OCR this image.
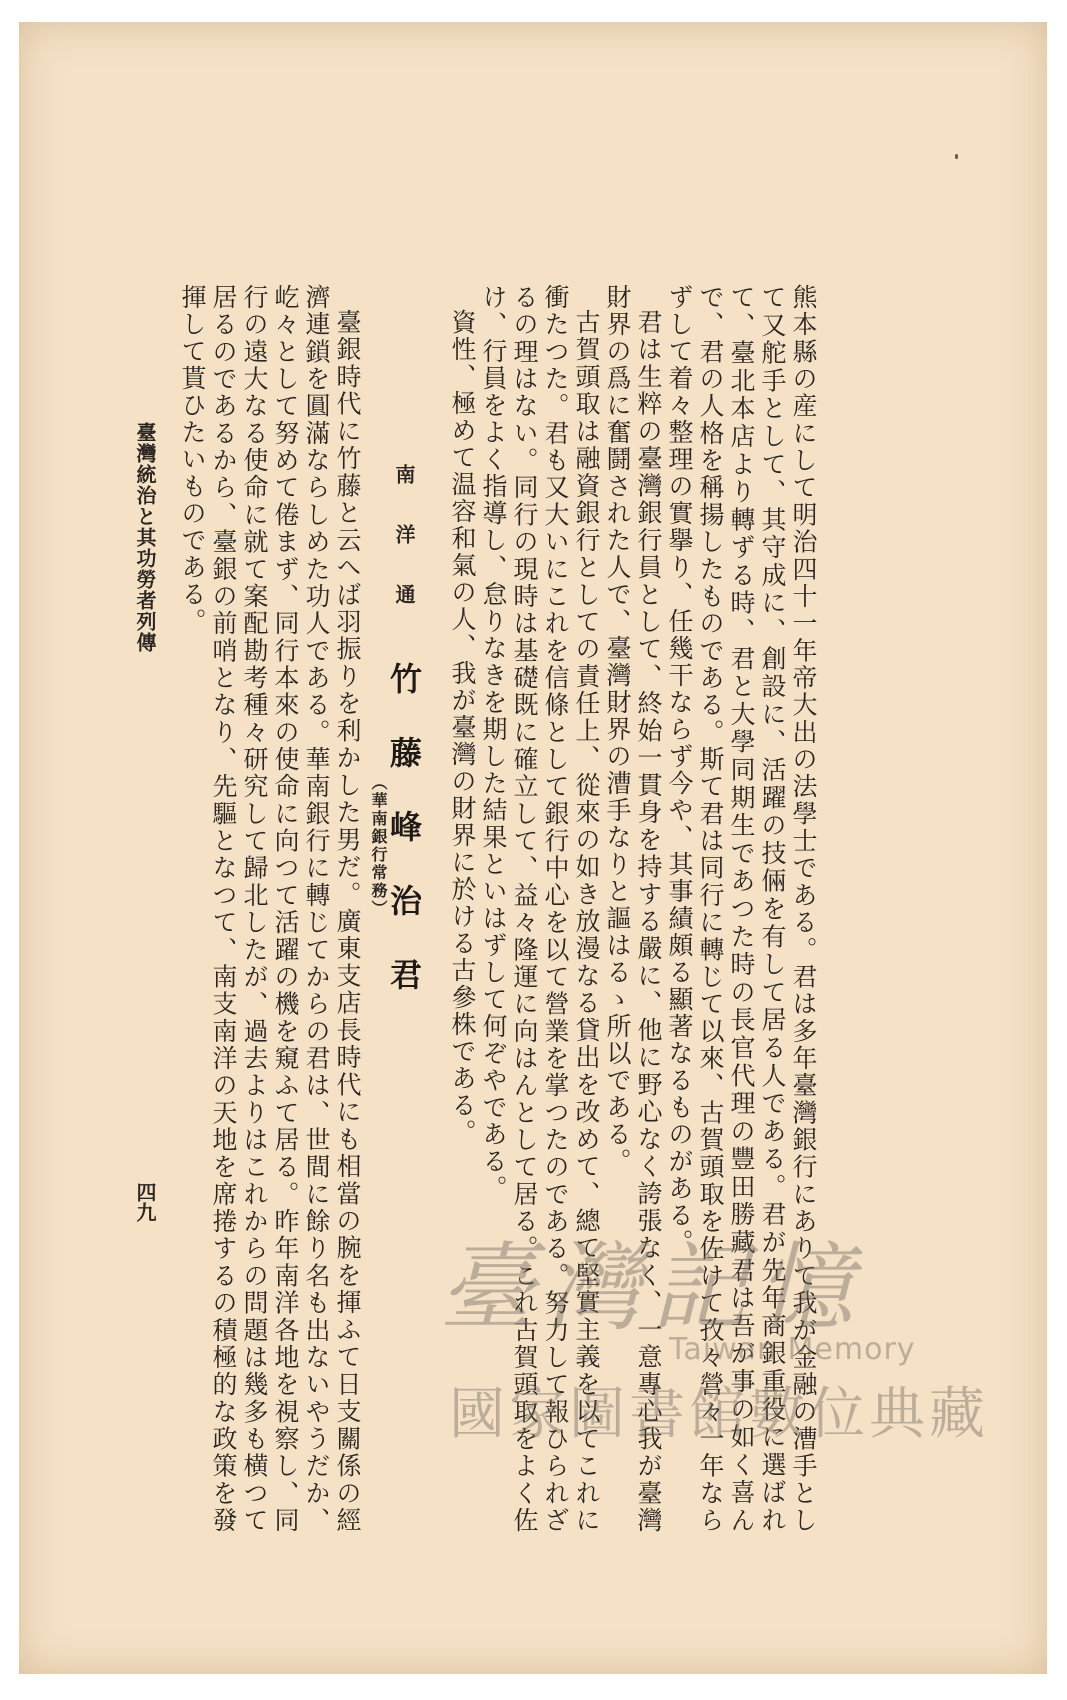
熊本縣の産にして明治四十一年帝大出の法學士である。君は多年臺灣銀行にありて我が金融の漕手として又舵手として、其守成に、創設に、活躍の技倆を有して居る人である。君が先年商銀重役に選ばれて、臺北本店より轉ずる時、君と大學同期生であつた時の長官代理の豐田勝藏君は吾が事の如く喜んで、君の人格を稱揚したものである。斯て君は同行に轉じて以來、古賀頭取を佐けて孜々營々一年ならずして着々整理の實擧り、任幾干ならず今や、其事績頗る顯著なるものがある。

君は生粹の臺灣銀行員として、終始一貫身を持する嚴に、他に野心なく誇張なく、一意專心我が臺灣財界の爲に奮鬪された人で、臺灣財界の漕手なりと謳はるゝ所以である。

古賀頭取は融資銀行としての責任上、從來の如き放漫なる貸出を改めて、總て堅實主義を以てこれに衝たつた。君も又大いにこれを信條として銀行中心を以て營業を掌つたのである。努力して報ひられざるの理はない。同行の現時は基礎既に確立して、益々隆運に向はんとして居る。これ古賀頭取をよく佐け、行員をよく指導し、怠りなきを期した結果といはずして何ぞやである。

資性、極めて温容和氣の人、我が臺灣の財界に於ける古參株である。

南洋通
竹藤峰治君
（華南銀行常務）

臺銀時代に竹藤と云へば羽振りを利かした男だ。廣東支店長時代にも相當の腕を揮ふて日支關係の經濟連鎖を圓滿ならしめた功人である。華南銀行に轉じてからの君は、世間に餘り名も出ないやうだか、屹々として努めて倦まず、同行本來の使命に向つて活躍の機を窺ふて居る。昨年南洋各地を視察し、同行の遠大なる使命に就て案配勘考種々研究して歸北したが、過去よりはこれからの問題は幾多も横つて居るのであるから、臺銀の前哨となり、先驅となつて、南支南洋の天地を席捲するの積極的な政策を發揮して貰ひたいものである。

臺灣統治と其功勞者列傳
四九
臺灣記憶
Taiwan Memory
國家圖書館數位典藏
